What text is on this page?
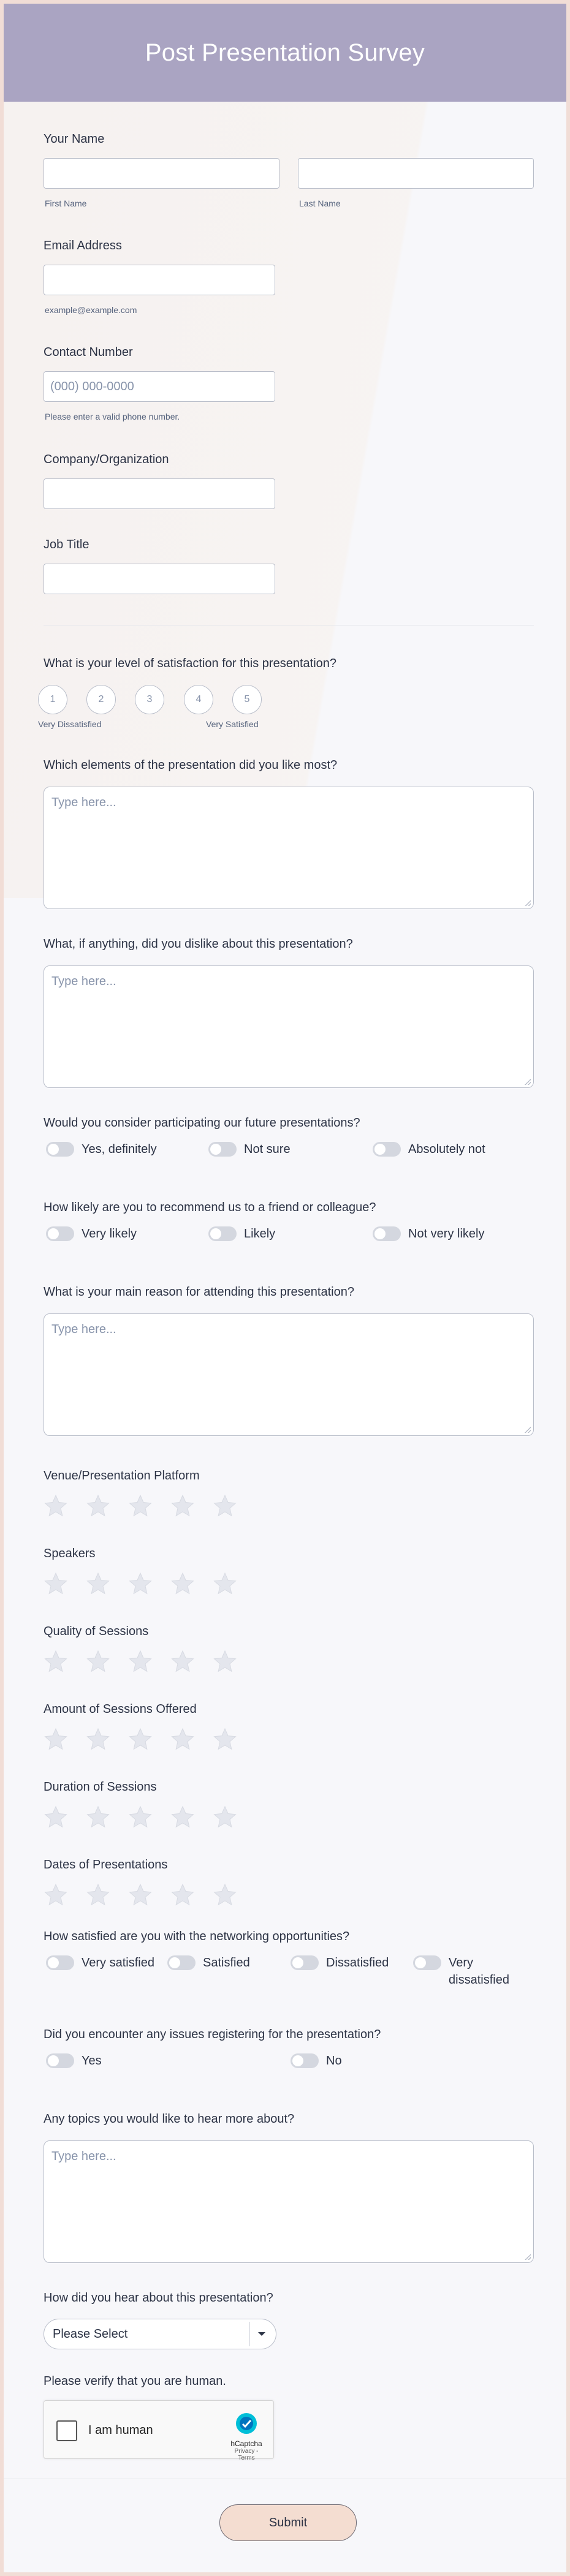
Post Presentation Survey
Your Name
First Name	Last Name
Email Address
example@example.com
Contact Number
(000) 000-0000
Please enter a valid phone number.
Company/Organization
Job Title
What is your level of satisfaction for this presentation?
1	2	3	4	5
Very Dissatisfied	Very Satisfied
Which elements of the presentation did you like most?
Type here...
What, if anything, did you dislike about this presentation?
Type here...
Would you consider participating our future presentations?
Yes, definitely	Not sure	Absolutely not
How likely are you to recommend us to a friend or colleague?
Very likely	Likely	Not very likely
What is your main reason for attending this presentation?
Type here...
How satisfied are you with the networking opportunities?
Very satisfied	Satisfied	Dissatisfied	Very dissatisfied
Did you encounter any issues registering for the presentation?
Yes	No
Any topics you would like to hear more about?
Type here...
How did you hear about this presentation?
Please Select
Please verify that you are human.
I am human
hCaptcha
Privacy - Terms
Submit
Venue/Presentation Platform
Speakers
Quality of Sessions
Amount of Sessions Offered
Duration of Sessions
Dates of Presentations
